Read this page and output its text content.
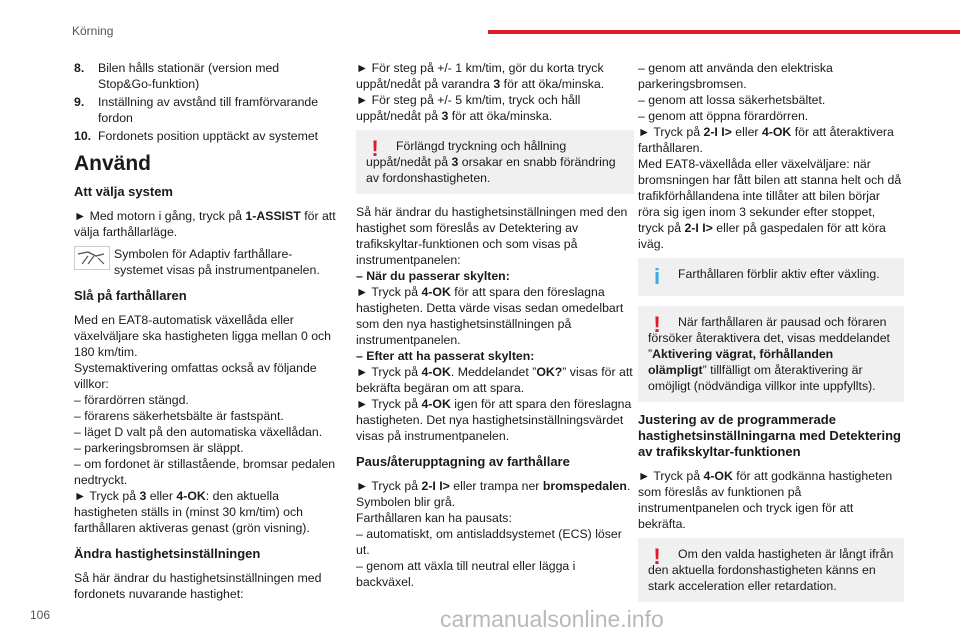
Körning
8.	Bilen hålls stationär (version med Stop&Go-funktion)
9.	Inställning av avstånd till framförvarande fordon
10. Fordonets position upptäckt av systemet
Använd
Att välja system

► Med motorn i gång, tryck på 1-ASSIST för att välja farthållarläge.

Symbolen för Adaptiv farthållare-systemet visas på instrumentpanelen.
Slå på farthållaren

Med en EAT8-automatisk växellåda eller växelväljare ska hastigheten ligga mellan 0 och 180 km/tim.

Systemaktivering omfattas också av följande villkor:

– förardörren stängd.
– förarens säkerhetsbälte är fastspänt.
– läget D valt på den automatiska växellådan.
– parkeringsbromsen är släppt.
– om fordonet är stillastående, bromsar pedalen nedtryckt.

► Tryck på 3 eller 4-OK: den aktuella hastigheten ställs in (minst 30 km/tim) och farthållaren aktiveras genast (grön visning).

Ändra hastighetsinställningen

Så här ändrar du hastighetsinställningen med fordonets nuvarande hastighet:

► För steg på +/- 1 km/tim, gör du korta tryck uppåt/nedåt på varandra 3 för att öka/minska.

► För steg på +/- 5 km/tim, tryck och håll uppåt/nedåt på 3 för att öka/minska.

!	Förlängd tryckning och hållning uppåt/nedåt på 3 orsakar en snabb förändring av fordonshastigheten.

Så här ändrar du hastighetsinställningen med den hastighet som föreslås av Detektering av trafikskyltar-funktionen och som visas på instrumentpanelen:

– När du passerar skylten:

► Tryck på 4-OK för att spara den föreslagna hastigheten. Detta värde visas sedan omedelbart som den nya hastighetsinställningen på instrumentpanelen.

– Efter att ha passerat skylten:

► Tryck på 4-OK. Meddelandet ”OK?” visas för att bekräfta begäran om att spara.

► Tryck på 4-OK igen för att spara den föreslagna hastigheten. Det nya hastighetsinställningsvärdet visas på instrumentpanelen.

Paus/återupptagning av farthållare

► Tryck på 2-I I> eller trampa ner bromspedalen. Symbolen blir grå.

Farthållaren kan ha pausats:
– automatiskt, om antisladdsystemet (ECS) löser ut.
– genom att växla till neutral eller lägga i backväxel.
– genom att använda den elektriska parkeringsbromsen.
– genom att lossa säkerhetsbältet.
– genom att öppna förardörren.

► Tryck på 2-I I> eller 4-OK för att återaktivera farthållaren.

Med EAT8-växellåda eller växelväljare: när bromsningen har fått bilen att stanna helt och då trafikförhållandena inte tillåter att bilen börjar röra sig igen inom 3 sekunder efter stoppet, tryck på 2-I I> eller på gaspedalen för att köra iväg.

i	Farthållaren förblir aktiv efter växling.
!	När farthållaren är pausad och föraren försöker återaktivera det, visas meddelandet ”Aktivering vägrat, förhållanden olämpligt” tillfälligt om återaktivering är omöjligt (nödvändiga villkor inte uppfyllts).
Justering av de programmerade hastighetsinställningarna med Detektering av trafikskyltar-funktionen

► Tryck på 4-OK för att godkänna hastigheten som föreslås av funktionen på instrumentpanelen och tryck igen för att bekräfta.

!	Om den valda hastigheten är långt ifrån den aktuella fordonshastigheten känns en stark acceleration eller retardation.
106	carmanualsonline.info
